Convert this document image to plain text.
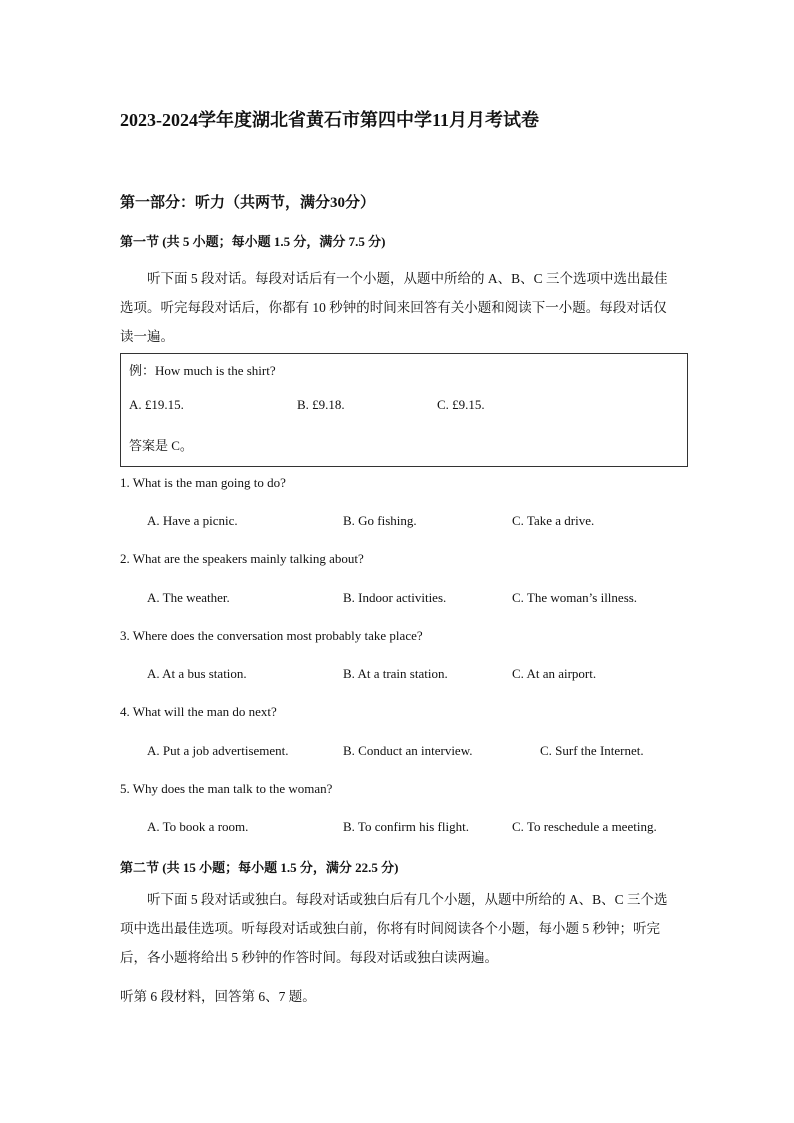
2023-2024学年度湖北省黄石市第四中学11月月考试卷
第一部分：听力（共两节，满分30分）
第一节 (共 5 小题；每小题 1.5 分，满分 7.5 分)
听下面 5 段对话。每段对话后有一个小题，从题中所给的 A、B、C 三个选项中选出最佳选项。听完每段对话后，你都有 10 秒钟的时间来回答有关小题和阅读下一小题。每段对话仅读一遍。
例：How much is the shirt?
A. £19.15.	B. £9.18.	C. £9.15.
答案是 C。
1. What is the man going to do?
A. Have a picnic.	B. Go fishing.	C. Take a drive.
2. What are the speakers mainly talking about?
A. The weather.	B. Indoor activities.	C. The woman’s illness.
3. Where does the conversation most probably take place?
A. At a bus station.	B. At a train station.	C. At an airport.
4. What will the man do next?
A. Put a job advertisement.	B. Conduct an interview.	C. Surf the Internet.
5. Why does the man talk to the woman?
A. To book a room.	B. To confirm his flight.	C. To reschedule a meeting.
第二节 (共 15 小题；每小题 1.5 分，满分 22.5 分)
听下面 5 段对话或独白。每段对话或独白后有几个小题，从题中所给的 A、B、C 三个选项中选出最佳选项。听每段对话或独白前，你将有时间阅读各个小题，每小题 5 秒钟；听完后，各小题将给出 5 秒钟的作答时间。每段对话或独白读两遍。
听第 6 段材料，回答第 6、7 题。
